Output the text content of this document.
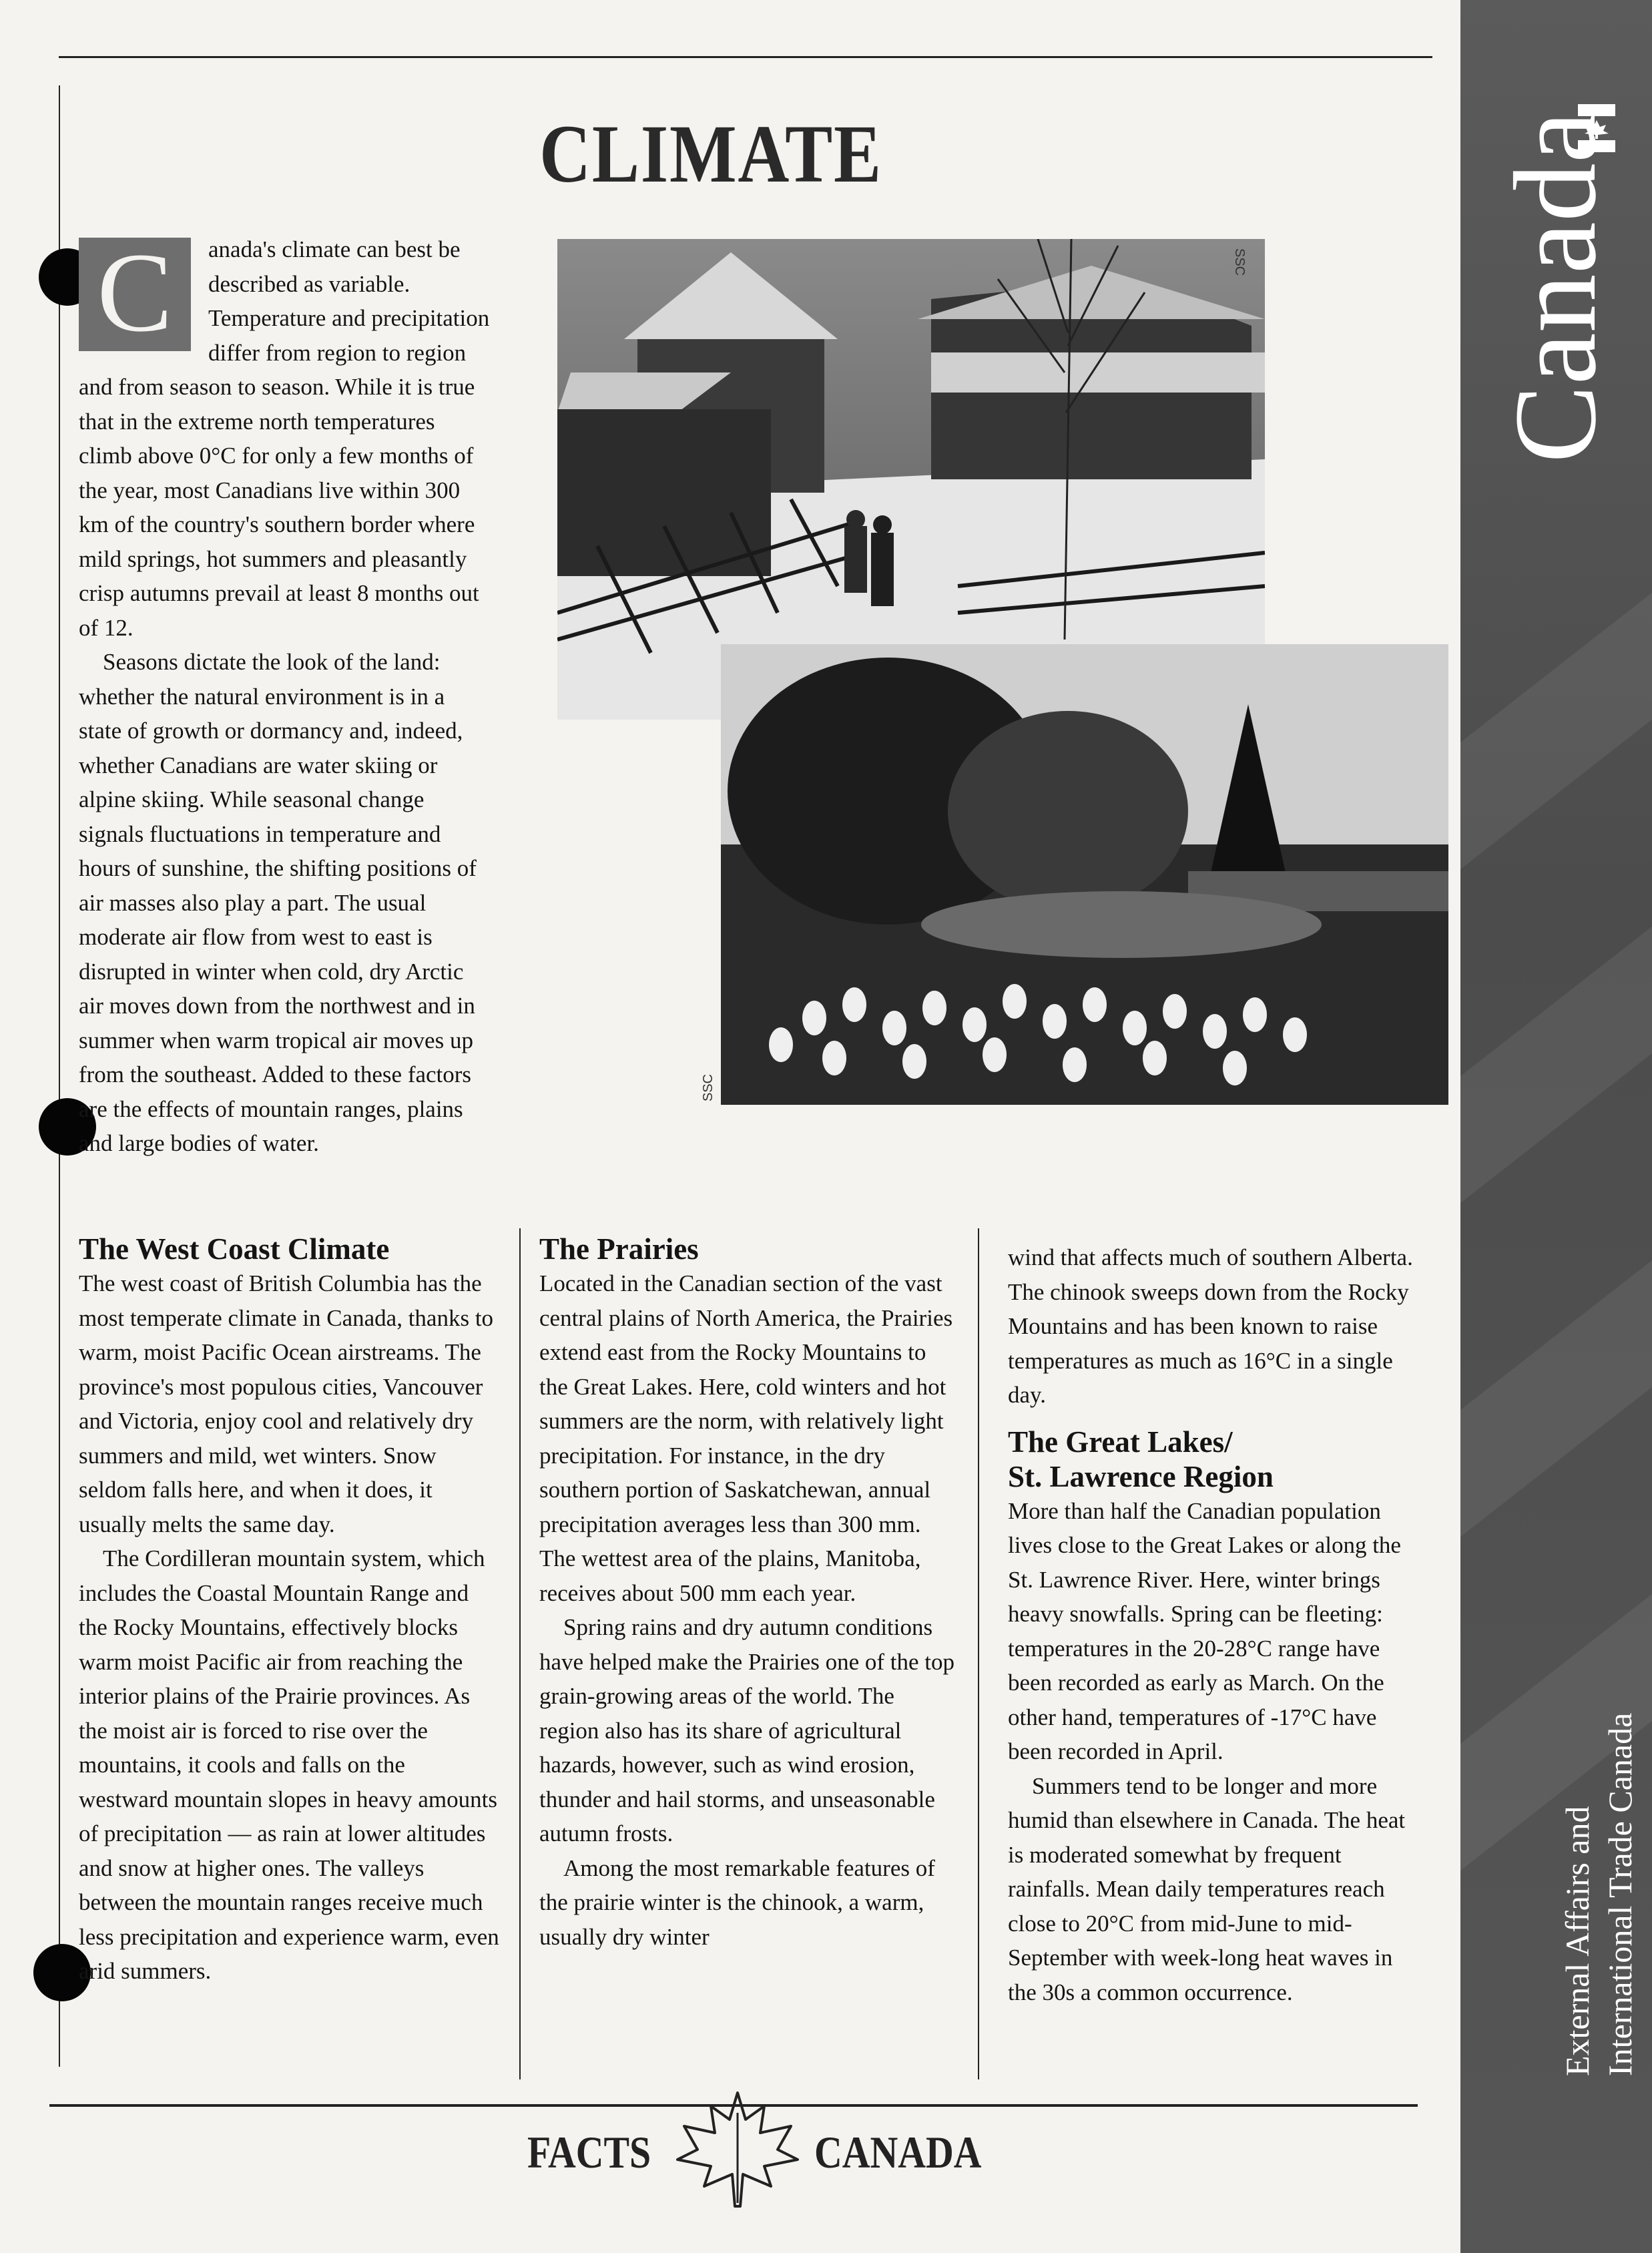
CLIMATE
C	anada's climate can best be described as variable. Temperature and precipitation differ from region to region and from season to season. While it is true that in the extreme north temperatures climb above 0°C for only a few months of the year, most Canadians live within 300 km of the country's southern border where mild springs, hot summers and pleasantly crisp autumns prevail at least 8 months out of 12.

Seasons dictate the look of the land: whether the natural environment is in a state of growth or dormancy and, indeed, whether Canadians are water skiing or alpine skiing. While seasonal change signals fluctuations in temperature and hours of sunshine, the shifting positions of air masses also play a part. The usual moderate air flow from west to east is disrupted in winter when cold, dry Arctic air moves down from the northwest and in summer when warm tropical air moves up from the southeast. Added to these factors are the effects of mountain ranges, plains and large bodies of water.

SSC
SSC
The West Coast Climate

The west coast of British Columbia has the most temperate climate in Canada, thanks to warm, moist Pacific Ocean airstreams. The province's most populous cities, Vancouver and Victoria, enjoy cool and relatively dry summers and mild, wet winters. Snow seldom falls here, and when it does, it usually melts the same day.

The Cordilleran mountain system, which includes the Coastal Mountain Range and the Rocky Mountains, effectively blocks warm moist Pacific air from reaching the interior plains of the Prairie provinces. As the moist air is forced to rise over the mountains, it cools and falls on the westward mountain slopes in heavy amounts of precipitation — as rain at lower altitudes and snow at higher ones. The valleys between the mountain ranges receive much less precipitation and experience warm, even arid summers.

The Prairies

Located in the Canadian section of the vast central plains of North America, the Prairies extend east from the Rocky Mountains to the Great Lakes. Here, cold winters and hot summers are the norm, with relatively light precipitation. For instance, in the dry southern portion of Saskatchewan, annual precipitation averages less than 300 mm. The wettest area of the plains, Manitoba, receives about 500 mm each year.

Spring rains and dry autumn conditions have helped make the Prairies one of the top grain-growing areas of the world. The region also has its share of agricultural hazards, however, such as wind erosion, thunder and hail storms, and unseasonable autumn frosts.

Among the most remarkable features of the prairie winter is the chinook, a warm, usually dry winter

wind that affects much of southern Alberta. The chinook sweeps down from the Rocky Mountains and has been known to raise temperatures as much as 16°C in a single day.

The Great Lakes/
St. Lawrence Region

More than half the Canadian population lives close to the Great Lakes or along the St. Lawrence River. Here, winter brings heavy snowfalls. Spring can be fleeting: temperatures in the 20-28°C range have been recorded as early as March. On the other hand, temperatures of -17°C have been recorded in April.

Summers tend to be longer and more humid than elsewhere in Canada. The heat is moderated somewhat by frequent rainfalls. Mean daily temperatures reach close to 20°C from mid-June to mid-September with week-long heat waves in the 30s a common occurrence.

FACTS	CANADA
Canada
External Affairs and International Trade Canada
